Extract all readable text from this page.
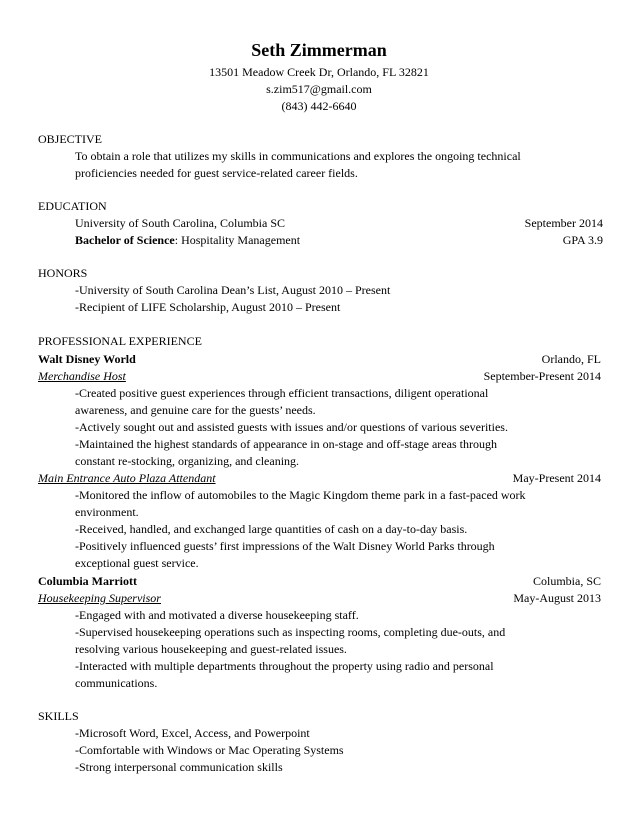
Seth Zimmerman
13501 Meadow Creek Dr, Orlando, FL 32821
s.zim517@gmail.com
(843) 442-6640
OBJECTIVE
To obtain a role that utilizes my skills in communications and explores the ongoing technical
proficiencies needed for guest service-related career fields.
EDUCATION
University of South Carolina, Columbia SC	September 2014
Bachelor of Science: Hospitality Management	GPA 3.9
HONORS
-University of South Carolina Dean’s List, August 2010 – Present
-Recipient of LIFE Scholarship, August 2010 – Present
PROFESSIONAL EXPERIENCE
Walt Disney World	Orlando, FL
Merchandise Host	September-Present 2014
-Created positive guest experiences through efficient transactions, diligent operational
awareness, and genuine care for the guests’ needs.
-Actively sought out and assisted guests with issues and/or questions of various severities.
-Maintained the highest standards of appearance in on-stage and off-stage areas through
constant re-stocking, organizing, and cleaning.
Main Entrance Auto Plaza Attendant	May-Present 2014
-Monitored the inflow of automobiles to the Magic Kingdom theme park in a fast-paced work
environment.
-Received, handled, and exchanged large quantities of cash on a day-to-day basis.
-Positively influenced guests’ first impressions of the Walt Disney World Parks through
exceptional guest service.
Columbia Marriott	Columbia, SC
Housekeeping Supervisor	May-August 2013
-Engaged with and motivated a diverse housekeeping staff.
-Supervised housekeeping operations such as inspecting rooms, completing due-outs, and
resolving various housekeeping and guest-related issues.
-Interacted with multiple departments throughout the property using radio and personal
communications.
SKILLS
-Microsoft Word, Excel, Access, and Powerpoint
-Comfortable with Windows or Mac Operating Systems
-Strong interpersonal communication skills
